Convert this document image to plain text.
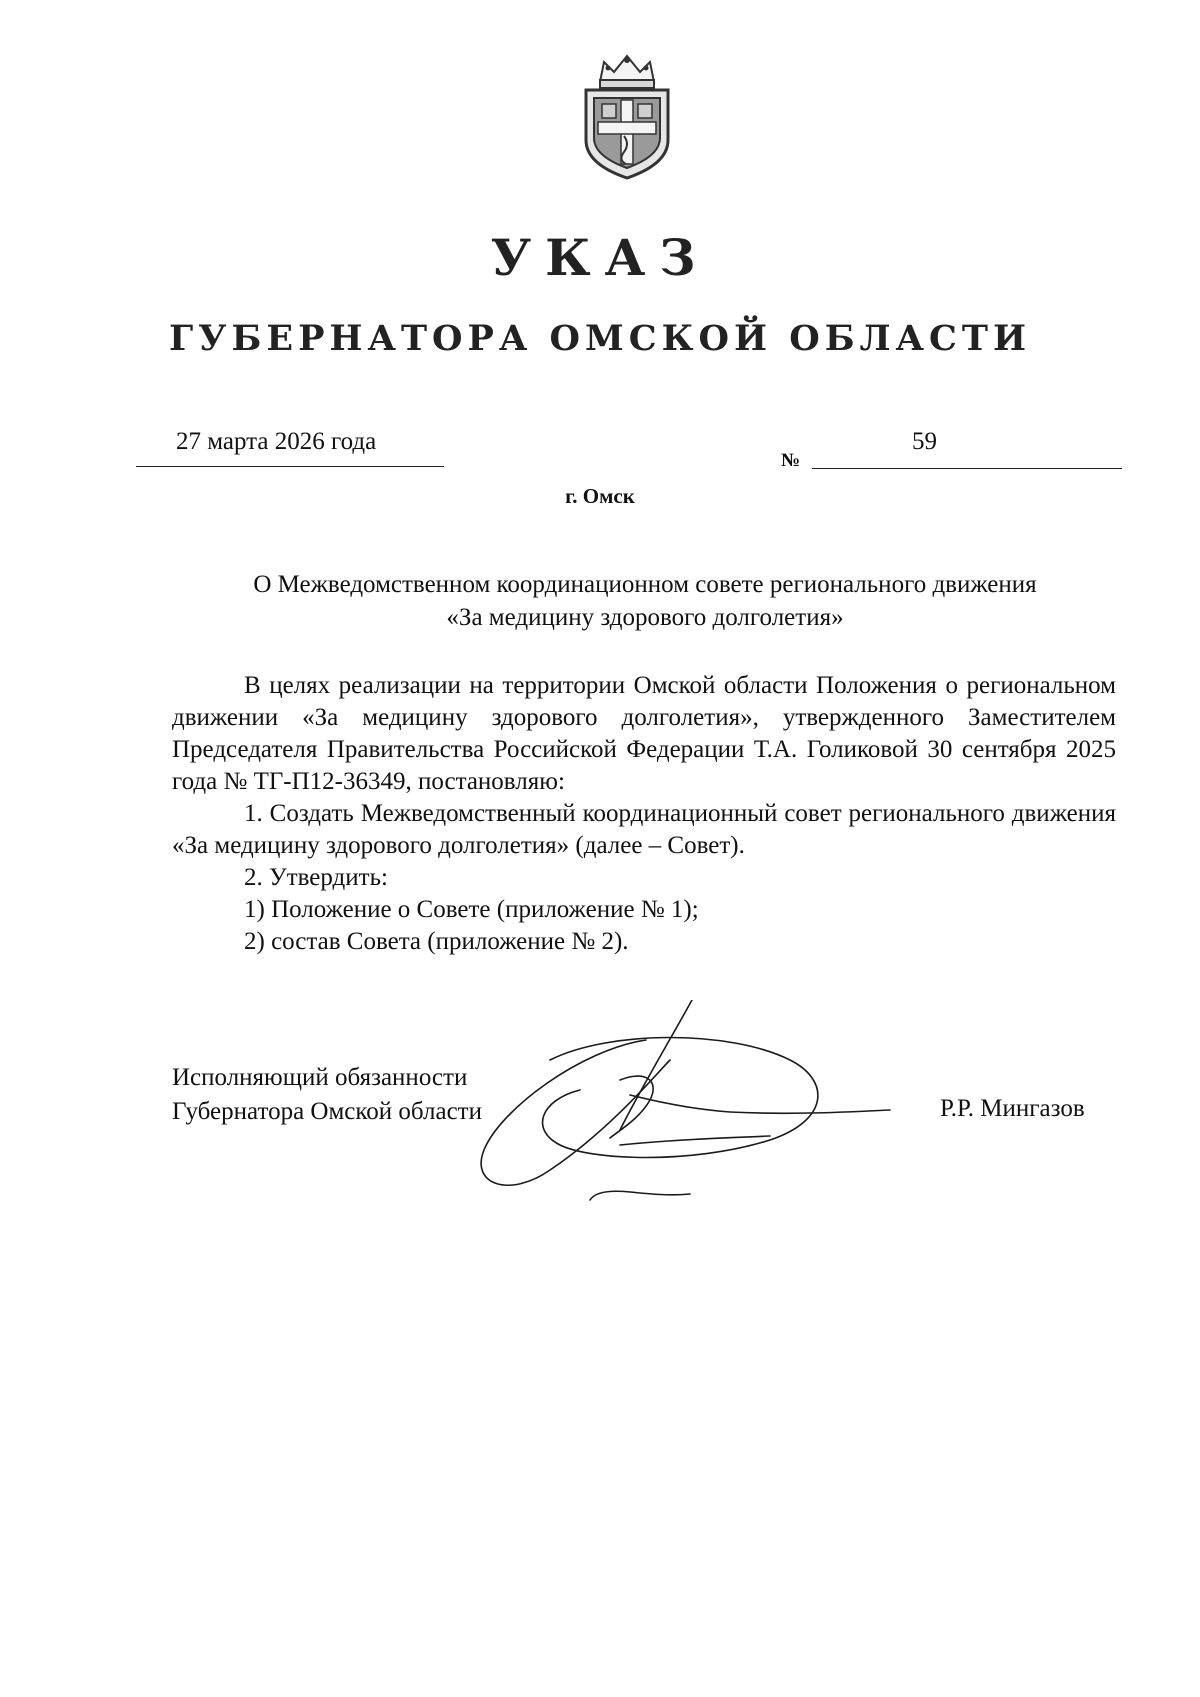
УКАЗ
ГУБЕРНАТОРА ОМСКОЙ ОБЛАСТИ
27 марта 2026 года
№
59
г. Омск
О Межведомственном координационном совете регионального движения
«За медицину здорового долголетия»

В целях реализации на территории Омской области Положения о региональном движении «За медицину здорового долголетия», утвержденного Заместителем Председателя Правительства Российской Федерации Т.А. Голиковой 30 сентября 2025 года № ТГ-П12-36349, постановляю:

1. Создать Межведомственный координационный совет регионального движения «За медицину здорового долголетия» (далее – Совет).

2. Утвердить:

1) Положение о Совете (приложение № 1);

2) состав Совета (приложение № 2).

Исполняющий обязанности
Губернатора Омской области	Р.Р. Мингазов
